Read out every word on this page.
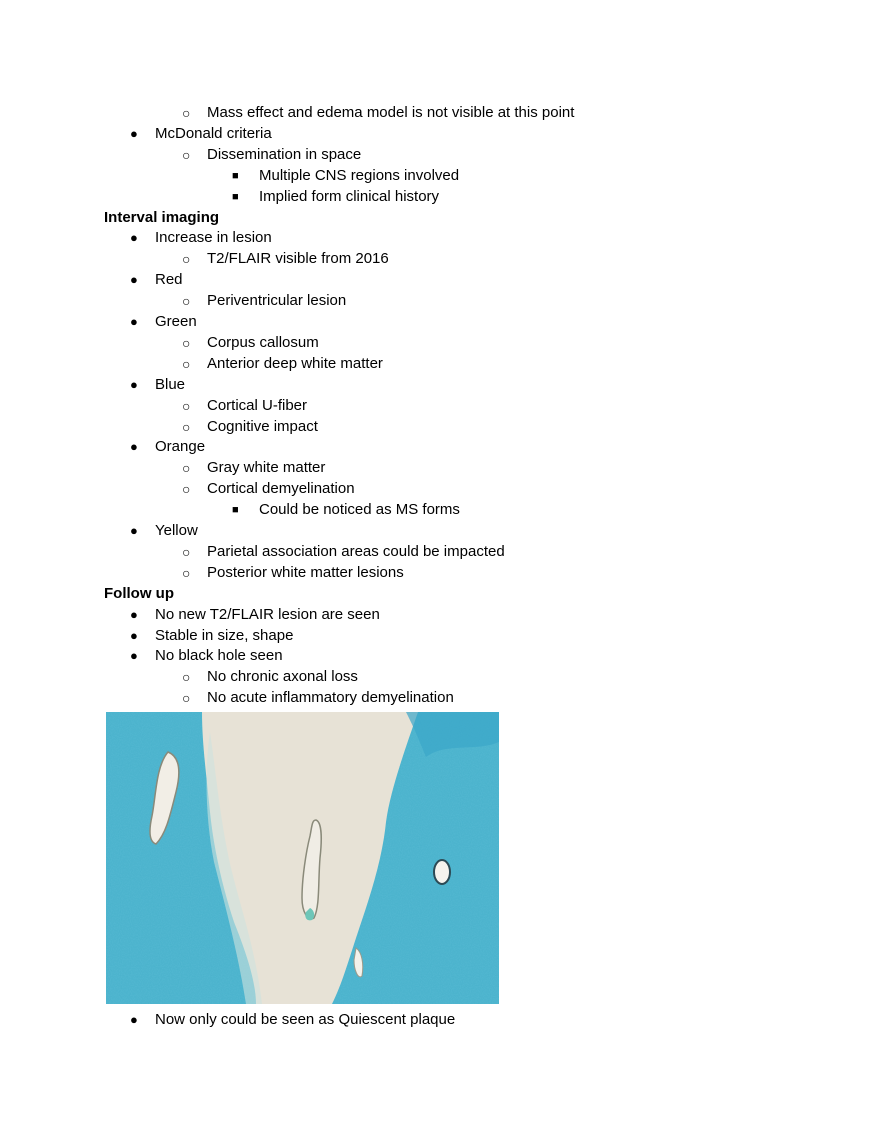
○ Mass effect and edema model is not visible at this point
● McDonald criteria
○ Dissemination in space
■ Multiple CNS regions involved
■ Implied form clinical history
Interval imaging
● Increase in lesion
○ T2/FLAIR visible from 2016
● Red
○ Periventricular lesion
● Green
○ Corpus callosum
○ Anterior deep white matter
● Blue
○ Cortical U-fiber
○ Cognitive impact
● Orange
○ Gray white matter
○ Cortical demyelination
■ Could be noticed as MS forms
● Yellow
○ Parietal association areas could be impacted
○ Posterior white matter lesions
Follow up
● No new T2/FLAIR lesion are seen
● Stable in size, shape
● No black hole seen
○ No chronic axonal loss
○ No acute inflammatory demyelination
● Now only could be seen as Quiescent plaque
